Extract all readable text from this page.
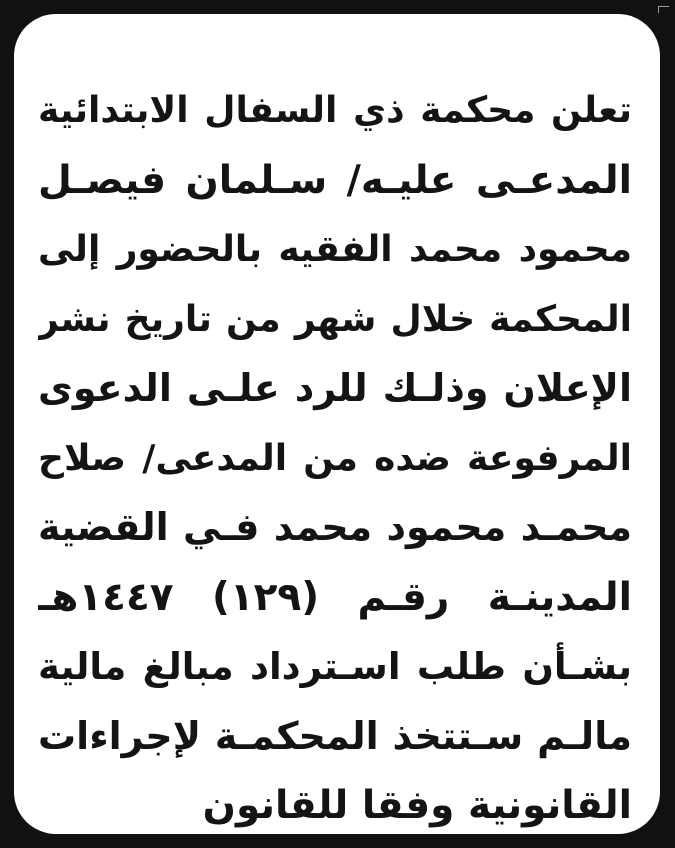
تعلن محكمة ذي السفال الابتدائية
المدعـى عليـه/ سـلمان فيصـل
محمود محمد الفقيه بالحضور إلى
المحكمة خلال شهر من تاريخ نشر
الإعلان وذلـك للرد علـى الدعوى
المرفوعة ضده من المدعى/ صلاح
محمـد محمود محمد فـي القضية
المدينـة رقـم (١٢٩) ١٤٤٧هـ
بشـأن طلب اسـترداد مبالغ مالية
مالـم سـتتخذ المحكمـة لإجراءات
القانونية وفقا للقانون
